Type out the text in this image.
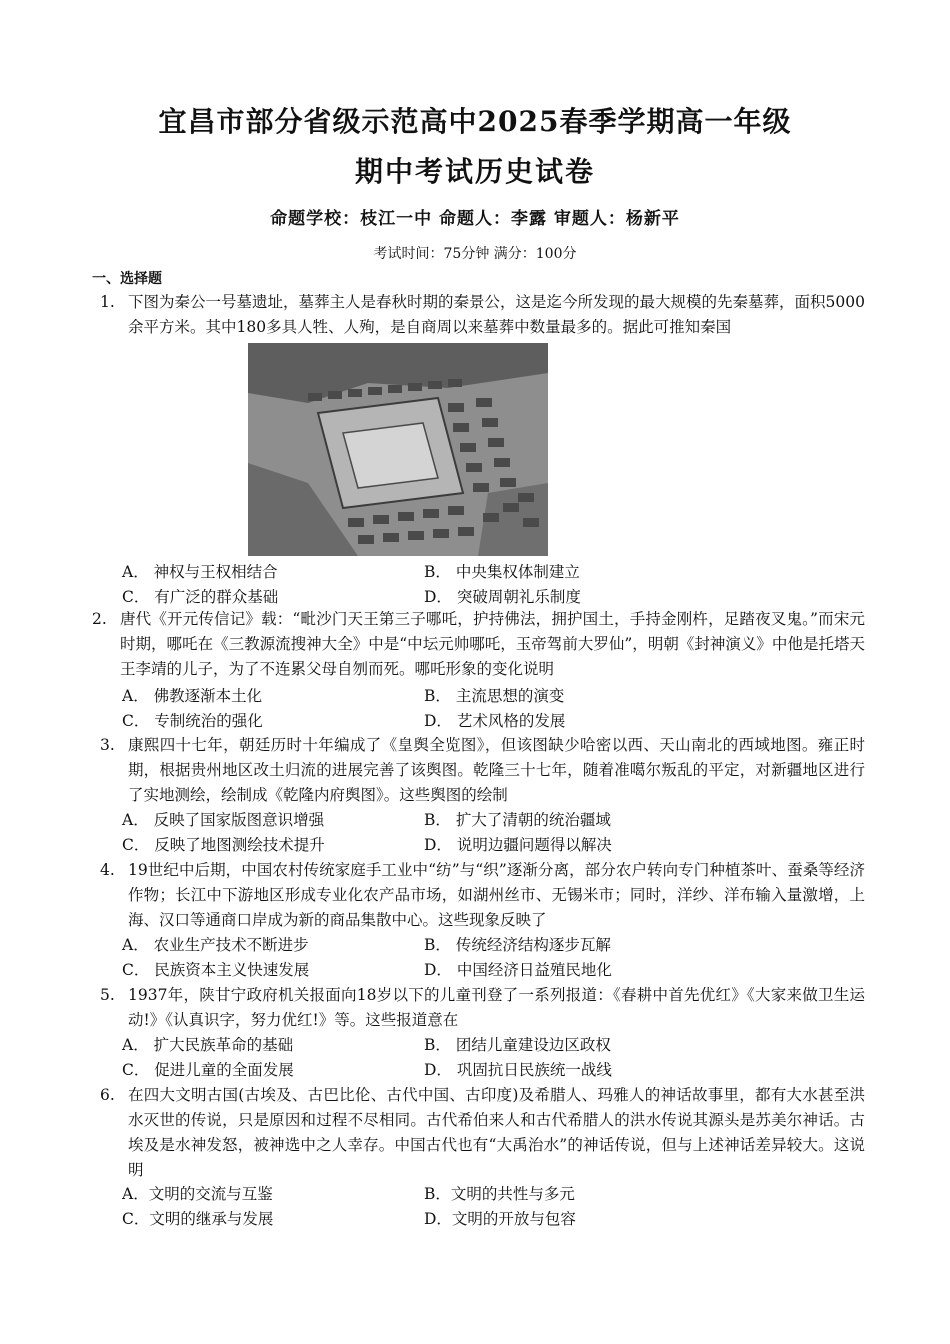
宜昌市部分省级示范高中2025春季学期高一年级
期中考试历史试卷
命题学校：枝江一中 命题人：李露 审题人：杨新平
考试时间：75分钟 满分：100分
一、选择题
1. 下图为秦公一号墓遗址，墓葬主人是春秋时期的秦景公，这是迄今所发现的最大规模的先秦墓葬，面积5000余平方米。其中180多具人牲、人殉，是自商周以来墓葬中数量最多的。据此可推知秦国
A． 神权与王权相结合	B． 中央集权体制建立
C． 有广泛的群众基础	D． 突破周朝礼乐制度
2. 唐代《开元传信记》载：“毗沙门天王第三子哪吒，护持佛法，拥护国土，手持金刚杵，足踏夜叉鬼。”而宋元时期，哪吒在《三教源流搜神大全》中是“中坛元帅哪吒，玉帝驾前大罗仙”，明朝《封神演义》中他是托塔天王李靖的儿子，为了不连累父母自刎而死。哪吒形象的变化说明
A． 佛教逐渐本土化	B． 主流思想的演变
C． 专制统治的强化	D． 艺术风格的发展
3. 康熙四十七年，朝廷历时十年编成了《皇舆全览图》，但该图缺少哈密以西、天山南北的西域地图。雍正时期，根据贵州地区改土归流的进展完善了该舆图。乾隆三十七年，随着准噶尔叛乱的平定，对新疆地区进行了实地测绘，绘制成《乾隆内府舆图》。这些舆图的绘制
A． 反映了国家版图意识增强	B． 扩大了清朝的统治疆域
C． 反映了地图测绘技术提升	D． 说明边疆问题得以解决
4. 19世纪中后期，中国农村传统家庭手工业中“纺”与“织”逐渐分离，部分农户转向专门种植茶叶、蚕桑等经济作物；长江中下游地区形成专业化农产品市场，如湖州丝市、无锡米市；同时，洋纱、洋布输入量激增，上海、汉口等通商口岸成为新的商品集散中心。这些现象反映了
A． 农业生产技术不断进步	B． 传统经济结构逐步瓦解
C． 民族资本主义快速发展	D． 中国经济日益殖民地化
5. 1937年，陕甘宁政府机关报面向18岁以下的儿童刊登了一系列报道：《春耕中首先优红》《大家来做卫生运动!》《认真识字，努力优红!》等。这些报道意在
A． 扩大民族革命的基础	B． 团结儿童建设边区政权
C． 促进儿童的全面发展	D． 巩固抗日民族统一战线
6. 在四大文明古国(古埃及、古巴比伦、古代中国、古印度)及希腊人、玛雅人的神话故事里，都有大水甚至洪水灭世的传说，只是原因和过程不尽相同。古代希伯来人和古代希腊人的洪水传说其源头是苏美尔神话。古埃及是水神发怒，被神选中之人幸存。中国古代也有“大禹治水”的神话传说，但与上述神话差异较大。这说明
A．文明的交流与互鉴	B．文明的共性与多元
C．文明的继承与发展	D．文明的开放与包容
